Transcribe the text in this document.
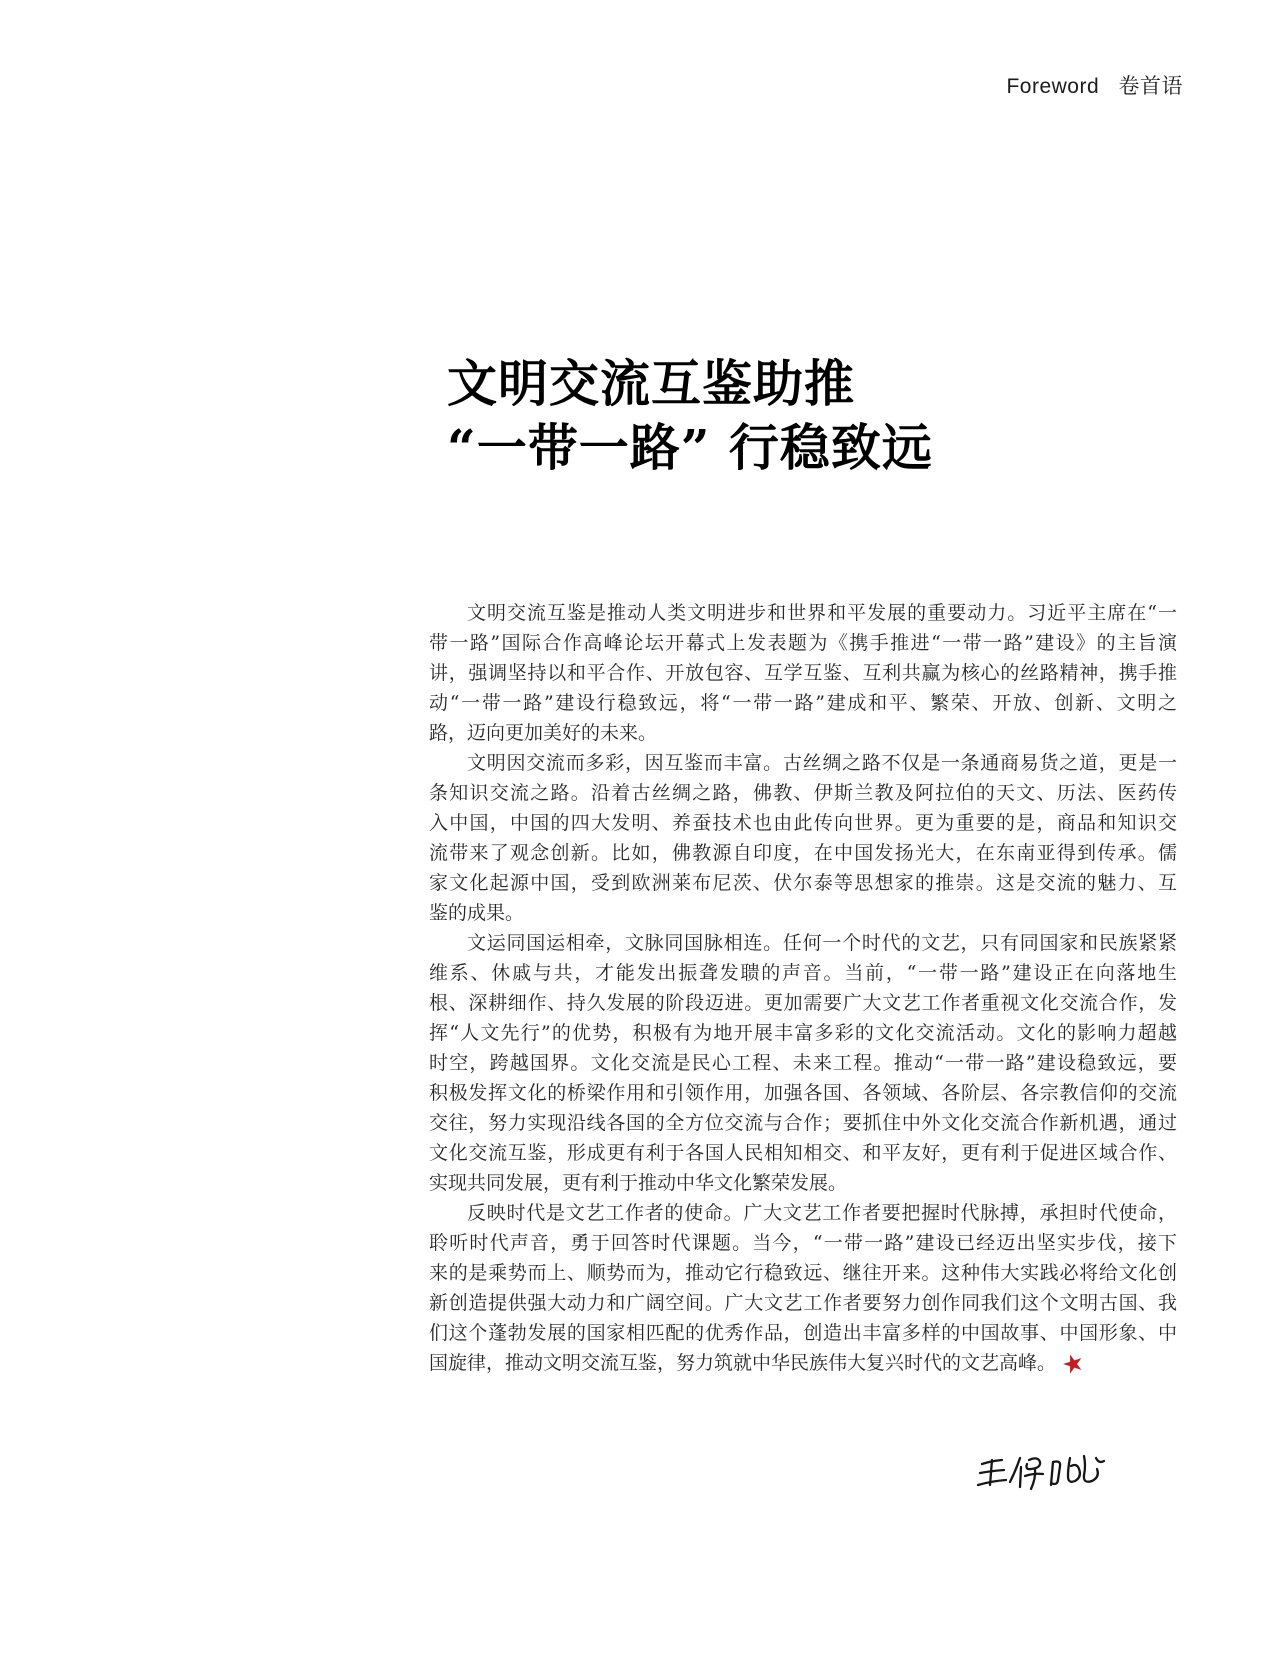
Foreword 卷首语
文明交流互鉴助推
“一带一路” 行稳致远
文明交流互鉴是推动人类文明进步和世界和平发展的重要动力。习近平主席在“一
带一路”国际合作高峰论坛开幕式上发表题为《携手推进“一带一路”建设》的主旨演
讲，强调坚持以和平合作、开放包容、互学互鉴、互利共赢为核心的丝路精神，携手推
动“一带一路”建设行稳致远，将“一带一路”建成和平、繁荣、开放、创新、文明之
路，迈向更加美好的未来。
文明因交流而多彩，因互鉴而丰富。古丝绸之路不仅是一条通商易货之道，更是一
条知识交流之路。沿着古丝绸之路，佛教、伊斯兰教及阿拉伯的天文、历法、医药传
入中国，中国的四大发明、养蚕技术也由此传向世界。更为重要的是，商品和知识交
流带来了观念创新。比如，佛教源自印度，在中国发扬光大，在东南亚得到传承。儒
家文化起源中国，受到欧洲莱布尼茨、伏尔泰等思想家的推崇。这是交流的魅力、互
鉴的成果。
文运同国运相牵，文脉同国脉相连。任何一个时代的文艺，只有同国家和民族紧紧
维系、休戚与共，才能发出振聋发聩的声音。当前，“一带一路”建设正在向落地生
根、深耕细作、持久发展的阶段迈进。更加需要广大文艺工作者重视文化交流合作，发
挥“人文先行”的优势，积极有为地开展丰富多彩的文化交流活动。文化的影响力超越
时空，跨越国界。文化交流是民心工程、未来工程。推动“一带一路”建设稳致远，要
积极发挥文化的桥梁作用和引领作用，加强各国、各领域、各阶层、各宗教信仰的交流
交往，努力实现沿线各国的全方位交流与合作；要抓住中外文化交流合作新机遇，通过
文化交流互鉴，形成更有利于各国人民相知相交、和平友好，更有利于促进区域合作、
实现共同发展，更有利于推动中华文化繁荣发展。
反映时代是文艺工作者的使命。广大文艺工作者要把握时代脉搏，承担时代使命，
聆听时代声音，勇于回答时代课题。当今，“一带一路”建设已经迈出坚实步伐，接下
来的是乘势而上、顺势而为，推动它行稳致远、继往开来。这种伟大实践必将给文化创
新创造提供强大动力和广阔空间。广大文艺工作者要努力创作同我们这个文明古国、我
们这个蓬勃发展的国家相匹配的优秀作品，创造出丰富多样的中国故事、中国形象、中
国旋律，推动文明交流互鉴，努力筑就中华民族伟大复兴时代的文艺高峰。★
